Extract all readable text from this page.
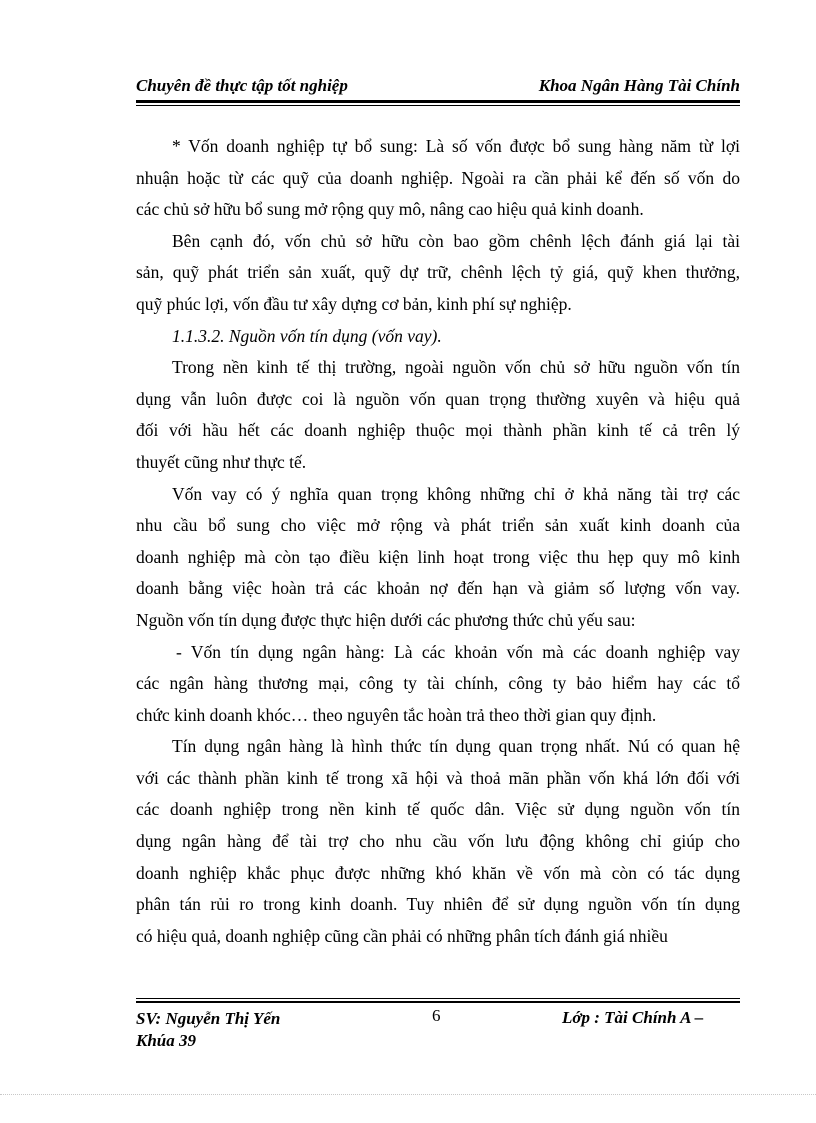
Chuyên đề thực tập tốt nghiệp	Khoa Ngân Hàng Tài Chính
* Vốn doanh nghiệp tự bổ sung: Là số vốn được bổ sung hàng năm từ lợi
nhuận hoặc từ các quỹ của doanh nghiệp. Ngoài ra cần phải kể đến số vốn do
các chủ sở hữu bổ sung mở rộng quy mô, nâng cao hiệu quả kinh doanh.
Bên cạnh đó, vốn chủ sở hữu còn bao gồm chênh lệch đánh giá lại tài
sản, quỹ phát triển sản xuất, quỹ dự trữ, chênh lệch tỷ giá, quỹ khen thưởng,
quỹ phúc lợi, vốn đầu tư xây dựng cơ bản, kinh phí sự nghiệp.
1.1.3.2. Nguồn vốn tín dụng (vốn vay).
Trong nền kinh tế thị trường, ngoài nguồn vốn chủ sở hữu nguồn vốn tín
dụng vẫn luôn được coi là nguồn vốn quan trọng thường xuyên và hiệu quả
đối với hầu hết các doanh nghiệp thuộc mọi thành phần kinh tế cả trên lý
thuyết cũng như thực tế.
Vốn vay có ý nghĩa quan trọng không những chỉ ở khả năng tài trợ các
nhu cầu bổ sung cho việc mở rộng và phát triển sản xuất kinh doanh của
doanh nghiệp mà còn tạo điều kiện linh hoạt trong việc thu hẹp quy mô kinh
doanh bằng việc hoàn trả các khoản nợ đến hạn và giảm số lượng vốn vay.
Nguồn vốn tín dụng được thực hiện dưới các phương thức chủ yếu sau:
- Vốn tín dụng ngân hàng: Là các khoản vốn mà các doanh nghiệp vay
các ngân hàng thương mại, công ty tài chính, công ty bảo hiểm hay các tổ
chức kinh doanh khóc… theo nguyên tắc hoàn trả theo thời gian quy định.
Tín dụng ngân hàng là hình thức tín dụng quan trọng nhất. Nú có quan hệ
với các thành phần kinh tế trong xã hội và thoả mãn phần vốn khá lớn đối với
các doanh nghiệp trong nền kinh tế quốc dân. Việc sử dụng nguồn vốn tín
dụng ngân hàng để tài trợ cho nhu cầu vốn lưu động không chỉ giúp cho
doanh nghiệp khắc phục được những khó khăn về vốn mà còn có tác dụng
phân tán rủi ro trong kinh doanh. Tuy nhiên để sử dụng nguồn vốn tín dụng
có hiệu quả, doanh nghiệp cũng cần phải có những phân tích đánh giá nhiều
SV: Nguyễn Thị Yến
Khúa 39
6	Lớp : Tài Chính A –
